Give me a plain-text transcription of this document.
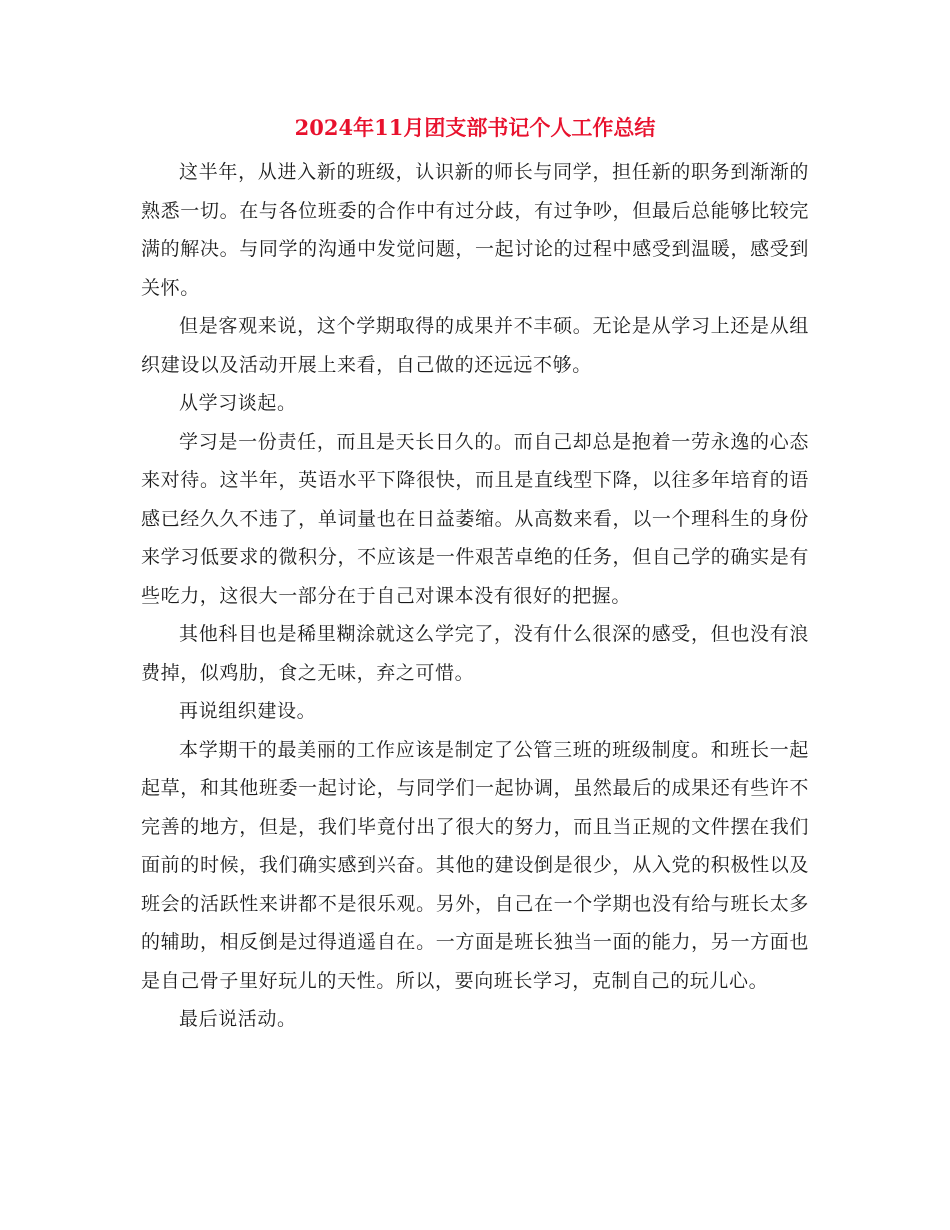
2024年11月团支部书记个人工作总结

这半年，从进入新的班级，认识新的师长与同学，担任新的职务到渐渐的熟悉一切。在与各位班委的合作中有过分歧，有过争吵，但最后总能够比较完满的解决。与同学的沟通中发觉问题，一起讨论的过程中感受到温暖，感受到关怀。

但是客观来说，这个学期取得的成果并不丰硕。无论是从学习上还是从组织建设以及活动开展上来看，自己做的还远远不够。

从学习谈起。

学习是一份责任，而且是天长日久的。而自己却总是抱着一劳永逸的心态来对待。这半年，英语水平下降很快，而且是直线型下降，以往多年培育的语感已经久久不违了，单词量也在日益萎缩。从高数来看，以一个理科生的身份来学习低要求的微积分，不应该是一件艰苦卓绝的任务，但自己学的确实是有些吃力，这很大一部分在于自己对课本没有很好的把握。

其他科目也是稀里糊涂就这么学完了，没有什么很深的感受，但也没有浪费掉，似鸡肋，食之无味，弃之可惜。

再说组织建设。

本学期干的最美丽的工作应该是制定了公管三班的班级制度。和班长一起起草，和其他班委一起讨论，与同学们一起协调，虽然最后的成果还有些许不完善的地方，但是，我们毕竟付出了很大的努力，而且当正规的文件摆在我们面前的时候，我们确实感到兴奋。其他的建设倒是很少，从入党的积极性以及班会的活跃性来讲都不是很乐观。另外，自己在一个学期也没有给与班长太多的辅助，相反倒是过得逍遥自在。一方面是班长独当一面的能力，另一方面也是自己骨子里好玩儿的天性。所以，要向班长学习，克制自己的玩儿心。

最后说活动。
